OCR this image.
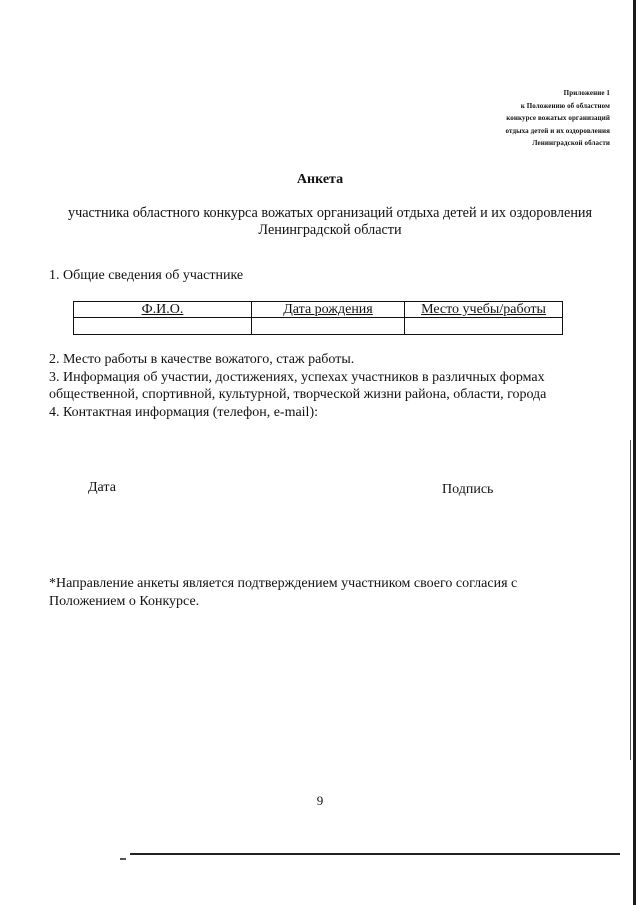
Приложение 1
к Положению об областном
конкурсе вожатых организаций
отдыха детей и их оздоровления
Ленинградской области
Анкета
участника областного конкурса вожатых организаций отдыха детей и их оздоровления
Ленинградской области
1. Общие сведения об участнике
Ф.И.О.	Дата рождения	Место учебы/работы

2. Место работы в качестве вожатого, стаж работы.
3. Информация об участии, достижениях, успехах участников в различных формах
общественной, спортивной, культурной, творческой жизни района, области, города
4. Контактная информация (телефон, e-mail):
Дата	Подпись
*Направление анкеты является подтверждением участником своего согласия с
Положением о Конкурсе.
9
